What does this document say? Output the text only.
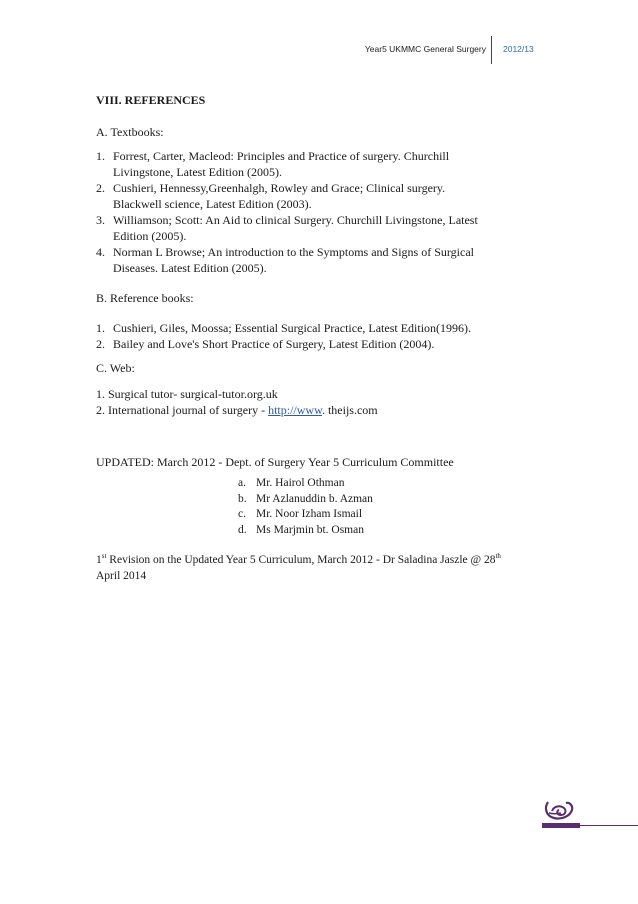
Year5 UKMMC General Surgery 2012/13
VIII. REFERENCES

A. Textbooks:

1. Forrest, Carter, Macleod: Principles and Practice of surgery. Churchill
Livingstone, Latest Edition (2005).
2. Cushieri, Hennessy,Greenhalgh, Rowley and Grace; Clinical surgery.
Blackwell science, Latest Edition (2003).
3. Williamson; Scott: An Aid to clinical Surgery. Churchill Livingstone, Latest
Edition (2005).
4. Norman L Browse; An introduction to the Symptoms and Signs of Surgical
Diseases. Latest Edition (2005).

B. Reference books:

1. Cushieri, Giles, Moossa; Essential Surgical Practice, Latest Edition(1996).
2. Bailey and Love's Short Practice of Surgery, Latest Edition (2004).

C. Web:

1. Surgical tutor- surgical-tutor.org.uk

2. International journal of surgery - http://www. theijs.com

UPDATED: March 2012 - Dept. of Surgery Year 5 Curriculum Committee

a. Mr. Hairol Othman
b. Mr Azlanuddin b. Azman
c. Mr. Noor Izham Ismail
d. Ms Marjmin bt. Osman

1st Revision on the Updated Year 5 Curriculum, March 2012 - Dr Saladina Jaszle @ 28th

April 2014
